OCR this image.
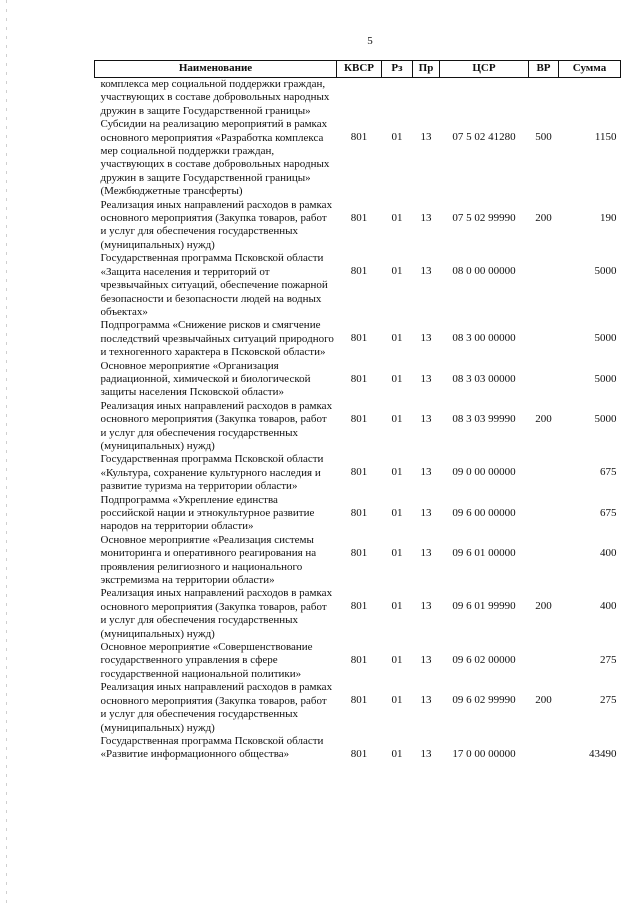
5
Наименование	КВСР	Рз	Пр	ЦСР	ВР	Сумма
комплекса мер социальной поддержки граждан, участвующих в составе добровольных народных дружин в защите Государственной границы»						
Субсидии на реализацию мероприятий в рамках основного мероприятия «Разработка комплекса мер социальной поддержки граждан, участвующих в составе добровольных народных дружин в защите Государственной границы» (Межбюджетные трансферты)	801	01	13	07 5 02 41280	500	1150
Реализация иных направлений расходов в рамках основного мероприятия (Закупка товаров, работ и услуг для обеспечения государственных (муниципальных) нужд)	801	01	13	07 5 02 99990	200	190
Государственная программа Псковской области «Защита населения и территорий от чрезвычайных ситуаций, обеспечение пожарной безопасности и безопасности людей на водных объектах»	801	01	13	08 0 00 00000		5000
Подпрограмма «Снижение рисков и смягчение последствий чрезвычайных ситуаций природного и техногенного характера в Псковской области»	801	01	13	08 3 00 00000		5000
Основное мероприятие «Организация радиационной, химической и биологической защиты населения Псковской области»	801	01	13	08 3 03 00000		5000
Реализация иных направлений расходов в рамках основного мероприятия (Закупка товаров, работ и услуг для обеспечения государственных (муниципальных) нужд)	801	01	13	08 3 03 99990	200	5000
Государственная программа Псковской области «Культура, сохранение культурного наследия и развитие туризма на территории области»	801	01	13	09 0 00 00000		675
Подпрограмма «Укрепление единства российской нации и этнокультурное развитие народов на территории области»	801	01	13	09 6 00 00000		675
Основное мероприятие «Реализация системы мониторинга и оперативного реагирования на проявления религиозного и национального экстремизма на территории области»	801	01	13	09 6 01 00000		400
Реализация иных направлений расходов в рамках основного мероприятия (Закупка товаров, работ и услуг для обеспечения государственных (муниципальных) нужд)	801	01	13	09 6 01 99990	200	400
Основное мероприятие «Совершенствование государственного управления в сфере государственной национальной политики»	801	01	13	09 6 02 00000		275
Реализация иных направлений расходов в рамках основного мероприятия (Закупка товаров, работ и услуг для обеспечения государственных (муниципальных) нужд)	801	01	13	09 6 02 99990	200	275
Государственная программа Псковской области «Развитие информационного общества»	801	01	13	17 0 00 00000		43490
